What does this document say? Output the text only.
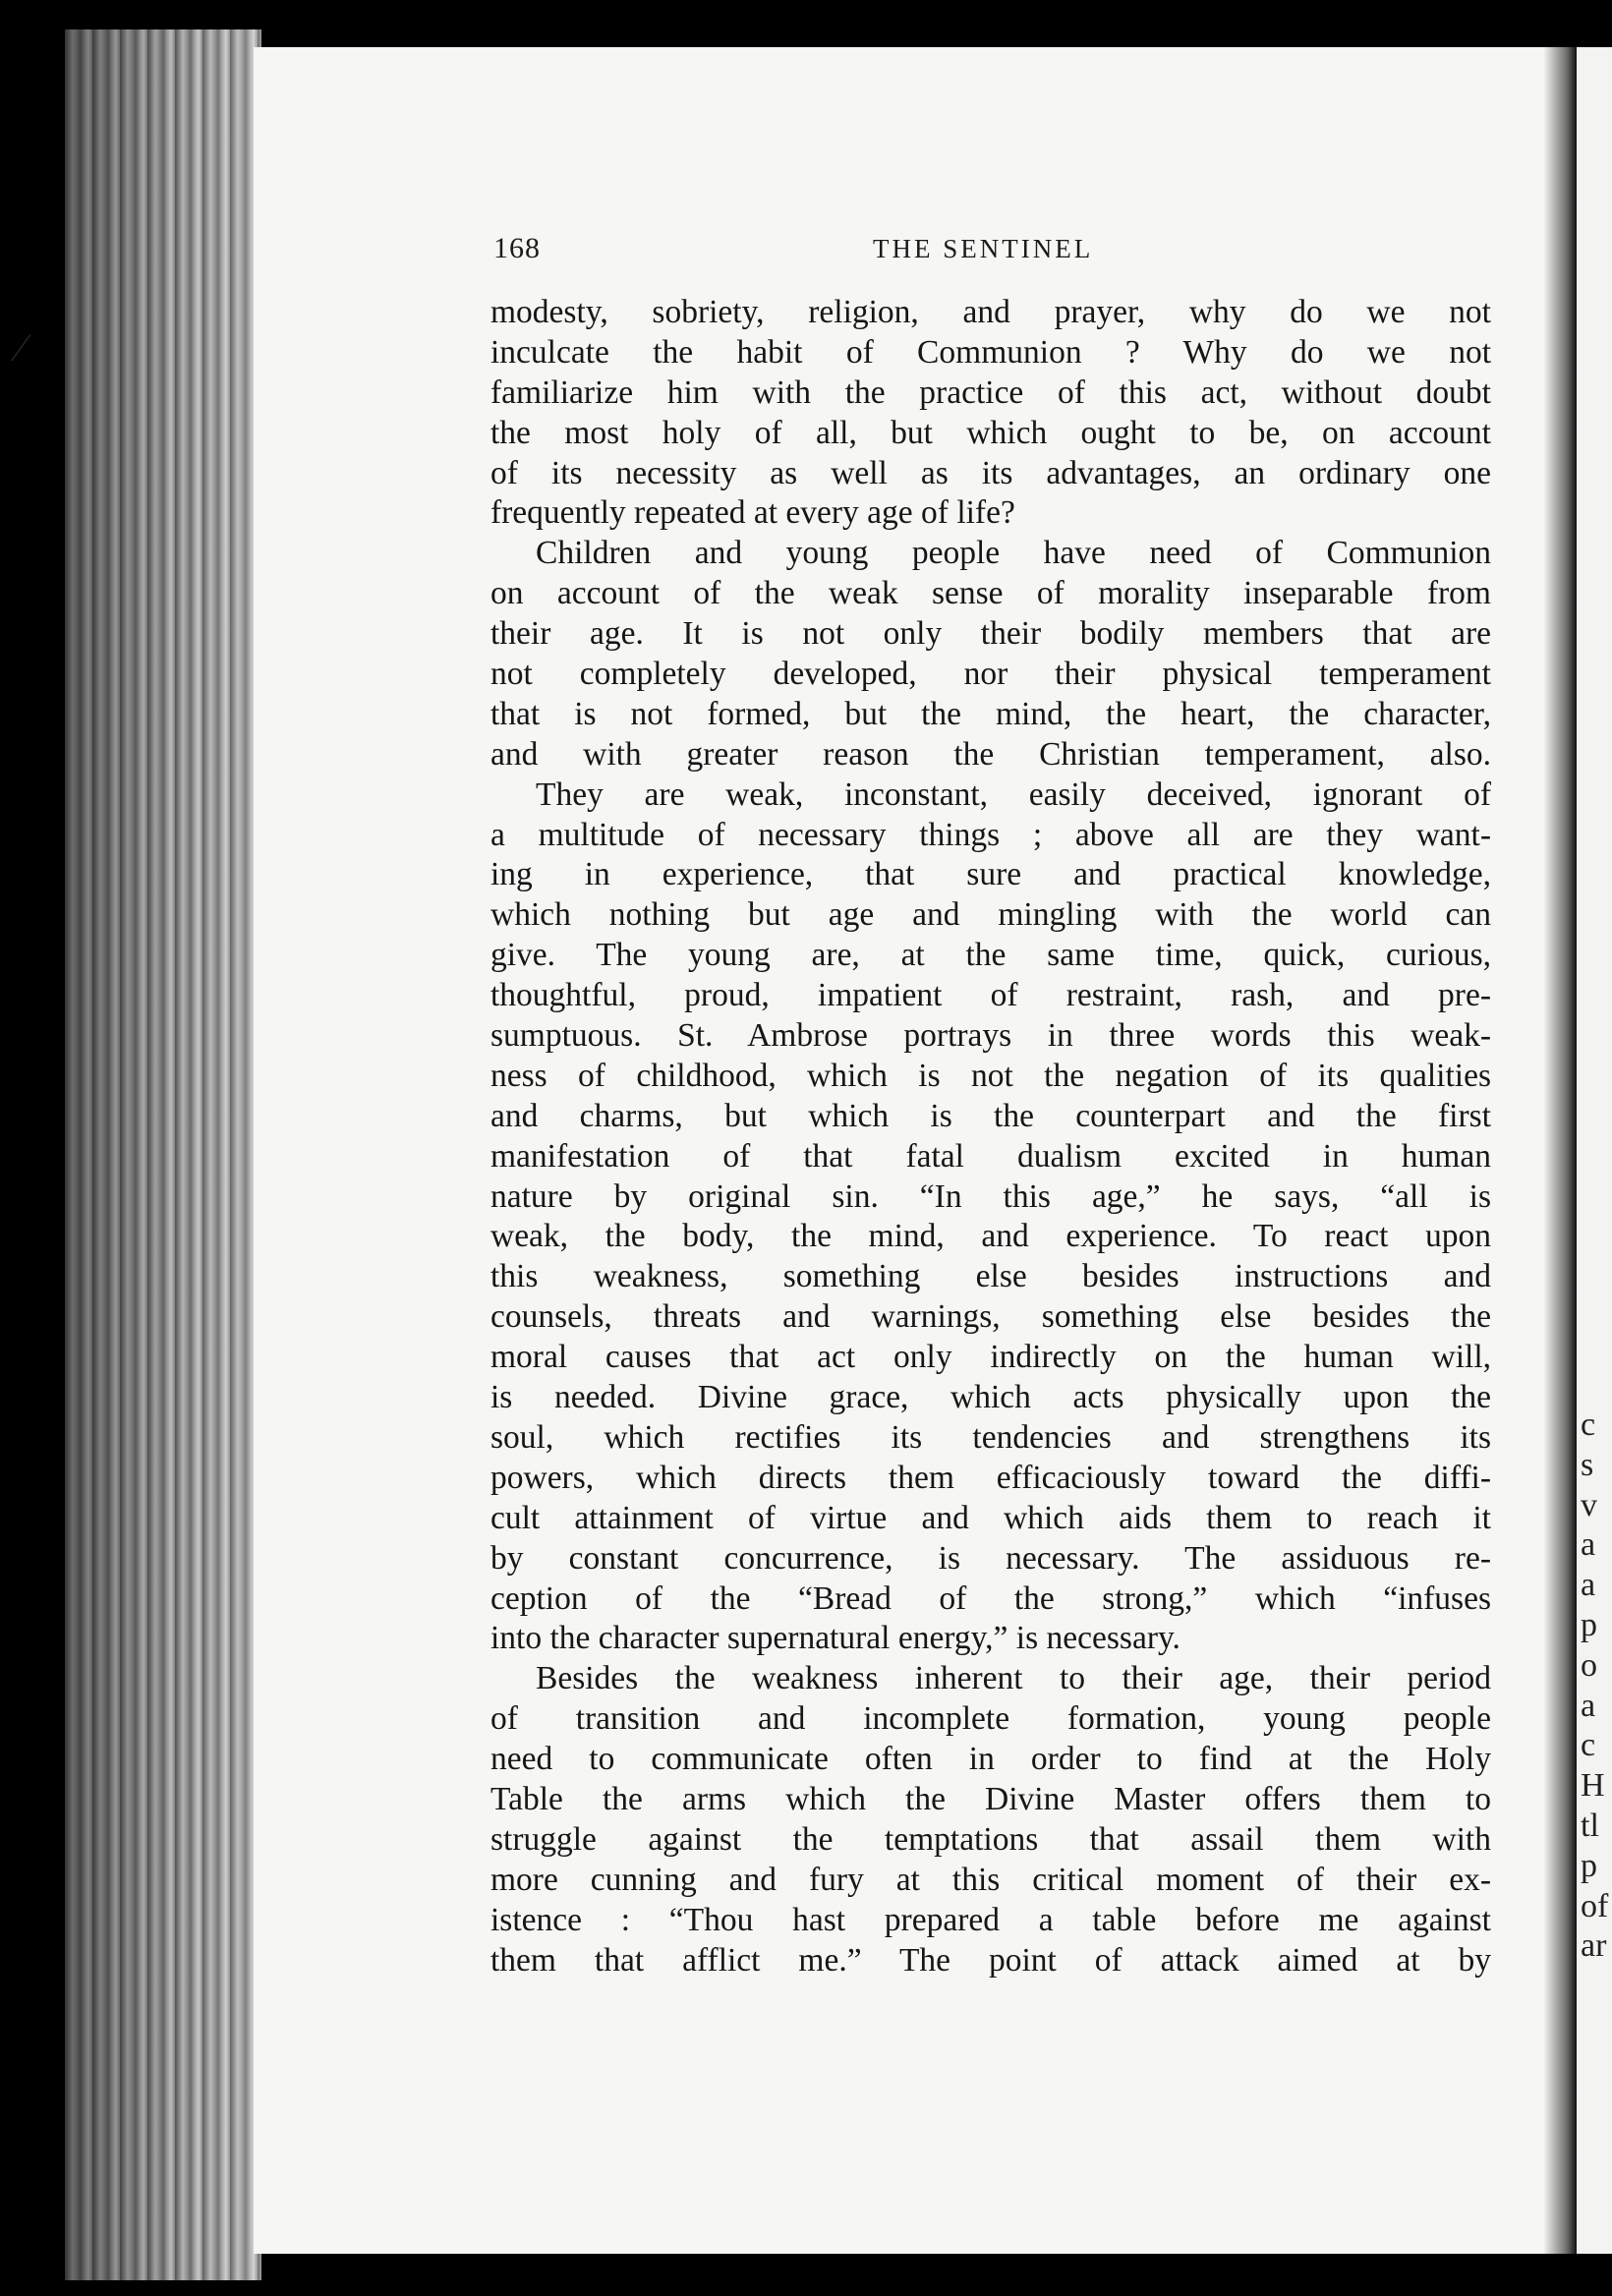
c
s
v
a
a
p
o
a
c
H
tl
p
of
ar
168	THE SENTINEL
modesty, sobriety, religion, and prayer, why do we not
inculcate the habit of Communion ? Why do we not
familiarize him with the practice of this act, without doubt
the most holy of all, but which ought to be, on account
of its necessity as well as its advantages, an ordinary one
frequently repeated at every age of life?
Children and young people have need of Communion
on account of the weak sense of morality inseparable from
their age. It is not only their bodily members that are
not completely developed, nor their physical temperament
that is not formed, but the mind, the heart, the character,
and with greater reason the Christian temperament, also.
They are weak, inconstant, easily deceived, ignorant of
a multitude of necessary things ; above all are they want-
ing in experience, that sure and practical knowledge,
which nothing but age and mingling with the world can
give. The young are, at the same time, quick, curious,
thoughtful, proud, impatient of restraint, rash, and pre-
sumptuous. St. Ambrose portrays in three words this weak-
ness of childhood, which is not the negation of its qualities
and charms, but which is the counterpart and the first
manifestation of that fatal dualism excited in human
nature by original sin. “In this age,” he says, “all is
weak, the body, the mind, and experience. To react upon
this weakness, something else besides instructions and
counsels, threats and warnings, something else besides the
moral causes that act only indirectly on the human will,
is needed. Divine grace, which acts physically upon the
soul, which rectifies its tendencies and strengthens its
powers, which directs them efficaciously toward the diffi-
cult attainment of virtue and which aids them to reach it
by constant concurrence, is necessary. The assiduous re-
ception of the “Bread of the strong,” which “infuses
into the character supernatural energy,” is necessary.
Besides the weakness inherent to their age, their period
of transition and incomplete formation, young people
need to communicate often in order to find at the Holy
Table the arms which the Divine Master offers them to
struggle against the temptations that assail them with
more cunning and fury at this critical moment of their ex-
istence : “Thou hast prepared a table before me against
them that afflict me.” The point of attack aimed at by
⁄
